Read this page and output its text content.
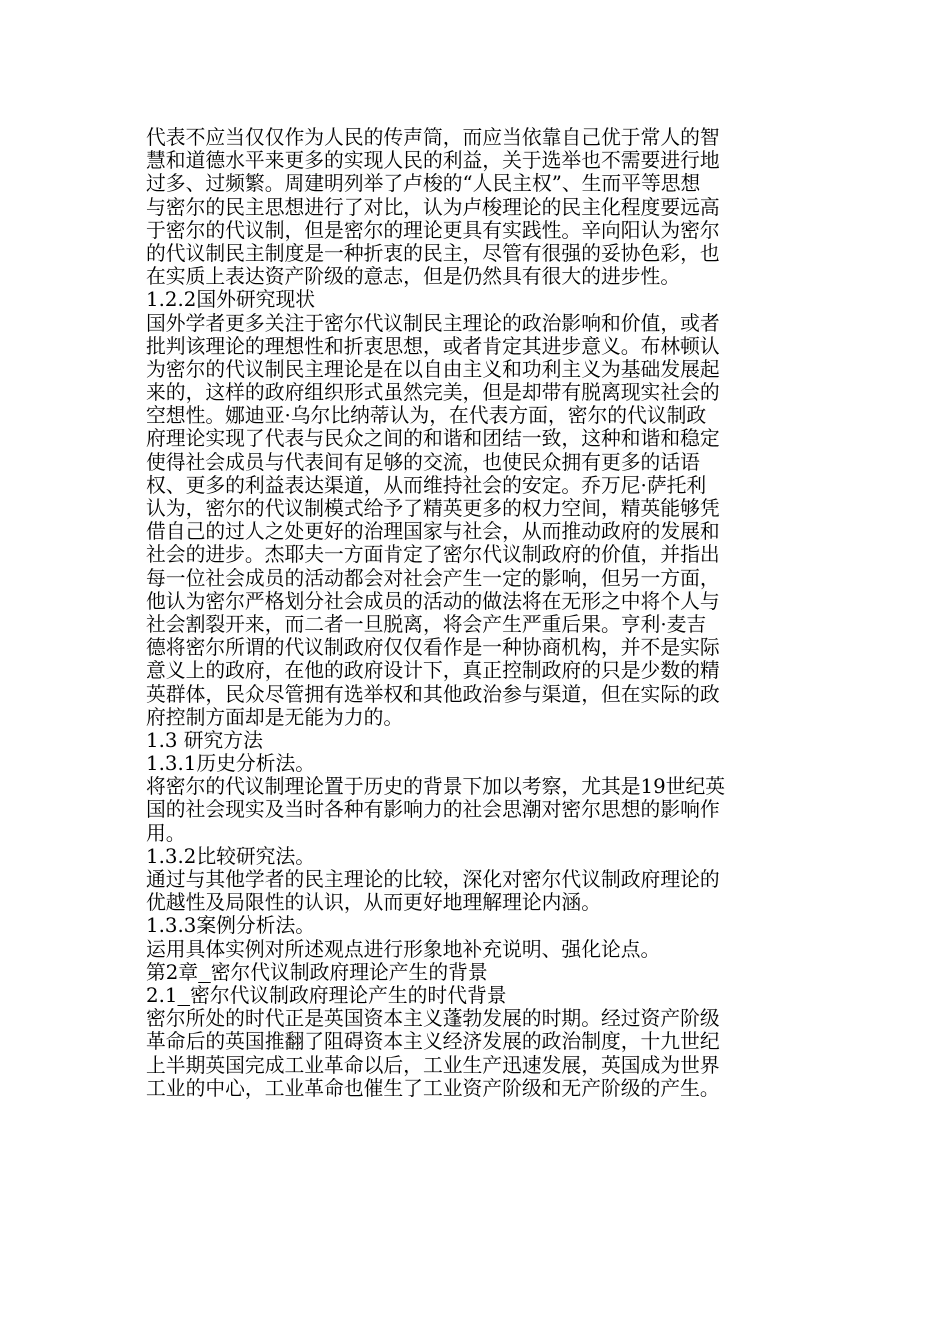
代表不应当仅仅作为人民的传声筒，而应当依靠自己优于常人的智
慧和道德水平来更多的实现人民的利益，关于选举也不需要进行地
过多、过频繁。周建明列举了卢梭的“人民主权”、生而平等思想
与密尔的民主思想进行了对比，认为卢梭理论的民主化程度要远高
于密尔的代议制，但是密尔的理论更具有实践性。辛向阳认为密尔
的代议制民主制度是一种折衷的民主，尽管有很强的妥协色彩，也
在实质上表达资产阶级的意志，但是仍然具有很大的进步性。
1.2.2国外研究现状
国外学者更多关注于密尔代议制民主理论的政治影响和价值，或者
批判该理论的理想性和折衷思想，或者肯定其进步意义。布林顿认
为密尔的代议制民主理论是在以自由主义和功利主义为基础发展起
来的，这样的政府组织形式虽然完美，但是却带有脱离现实社会的
空想性。娜迪亚·乌尔比纳蒂认为，在代表方面，密尔的代议制政
府理论实现了代表与民众之间的和谐和团结一致，这种和谐和稳定
使得社会成员与代表间有足够的交流，也使民众拥有更多的话语
权、更多的利益表达渠道，从而维持社会的安定。乔万尼·萨托利
认为，密尔的代议制模式给予了精英更多的权力空间，精英能够凭
借自己的过人之处更好的治理国家与社会，从而推动政府的发展和
社会的进步。杰耶夫一方面肯定了密尔代议制政府的价值，并指出
每一位社会成员的活动都会对社会产生一定的影响，但另一方面，
他认为密尔严格划分社会成员的活动的做法将在无形之中将个人与
社会割裂开来，而二者一旦脱离，将会产生严重后果。亨利·麦吉
德将密尔所谓的代议制政府仅仅看作是一种协商机构，并不是实际
意义上的政府，在他的政府设计下，真正控制政府的只是少数的精
英群体，民众尽管拥有选举权和其他政治参与渠道，但在实际的政
府控制方面却是无能为力的。
1.3 研究方法
1.3.1历史分析法。
将密尔的代议制理论置于历史的背景下加以考察，尤其是19世纪英
国的社会现实及当时各种有影响力的社会思潮对密尔思想的影响作
用。
1.3.2比较研究法。
通过与其他学者的民主理论的比较，深化对密尔代议制政府理论的
优越性及局限性的认识，从而更好地理解理论内涵。
1.3.3案例分析法。
运用具体实例对所述观点进行形象地补充说明、强化论点。
第2章 密尔代议制政府理论产生的背景
2.1 密尔代议制政府理论产生的时代背景
密尔所处的时代正是英国资本主义蓬勃发展的时期。经过资产阶级
革命后的英国推翻了阻碍资本主义经济发展的政治制度，十九世纪
上半期英国完成工业革命以后，工业生产迅速发展，英国成为世界
工业的中心，工业革命也催生了工业资产阶级和无产阶级的产生。
